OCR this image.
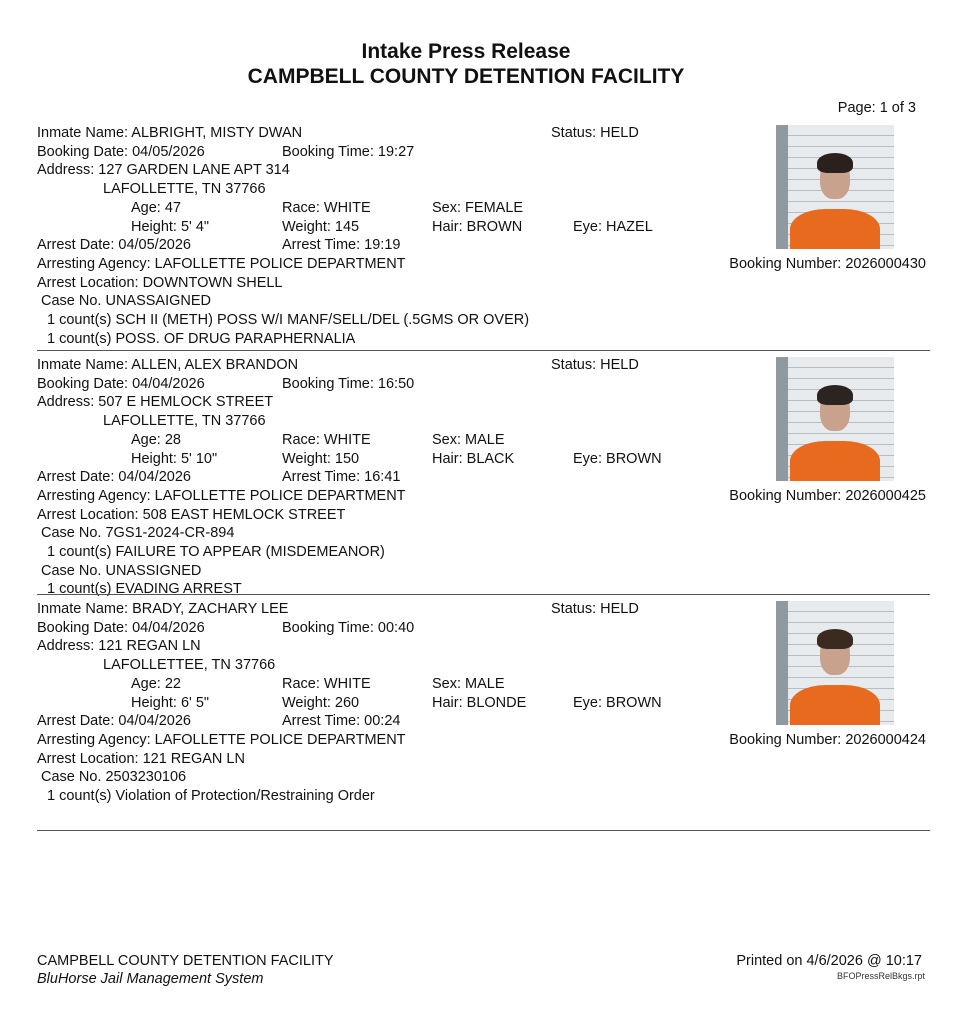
Intake Press Release
CAMPBELL COUNTY DETENTION FACILITY
Page: 1 of 3
Inmate Name: ALBRIGHT, MISTY DWAN	Status: HELD
Booking Date: 04/05/2026	Booking Time: 19:27
Address: 127 GARDEN LANE APT 314
LAFOLLETTE, TN 37766
Age: 47	Race: WHITE	Sex: FEMALE
Height: 5' 4"	Weight: 145	Hair: BROWN	Eye: HAZEL
Arrest Date: 04/05/2026	Arrest Time: 19:19
Arresting Agency: LAFOLLETTE POLICE DEPARTMENT	Booking Number: 2026000430
Arrest Location: DOWNTOWN SHELL
Case No. UNASSAIGNED
1 count(s) SCH II (METH) POSS W/I MANF/SELL/DEL (.5GMS OR OVER)
1 count(s) POSS. OF DRUG PARAPHERNALIA
Inmate Name: ALLEN, ALEX BRANDON	Status: HELD
Booking Date: 04/04/2026	Booking Time: 16:50
Address: 507 E HEMLOCK STREET
LAFOLLETTE, TN 37766
Age: 28	Race: WHITE	Sex: MALE
Height: 5' 10"	Weight: 150	Hair: BLACK	Eye: BROWN
Arrest Date: 04/04/2026	Arrest Time: 16:41
Arresting Agency: LAFOLLETTE POLICE DEPARTMENT	Booking Number: 2026000425
Arrest Location: 508 EAST HEMLOCK STREET
Case No. 7GS1-2024-CR-894
1 count(s) FAILURE TO APPEAR (MISDEMEANOR)
Case No. UNASSIGNED
1 count(s) EVADING ARREST
Inmate Name: BRADY, ZACHARY LEE	Status: HELD
Booking Date: 04/04/2026	Booking Time: 00:40
Address: 121 REGAN LN
LAFOLLETTEE, TN 37766
Age: 22	Race: WHITE	Sex: MALE
Height: 6' 5"	Weight: 260	Hair: BLONDE	Eye: BROWN
Arrest Date: 04/04/2026	Arrest Time: 00:24
Arresting Agency: LAFOLLETTE POLICE DEPARTMENT	Booking Number: 2026000424
Arrest Location: 121 REGAN LN
Case No. 2503230106
1 count(s) Violation of Protection/Restraining Order
CAMPBELL COUNTY DETENTION FACILITY
BluHorse Jail Management System
Printed on 4/6/2026 @ 10:17
BFOPressRelBkgs.rpt
